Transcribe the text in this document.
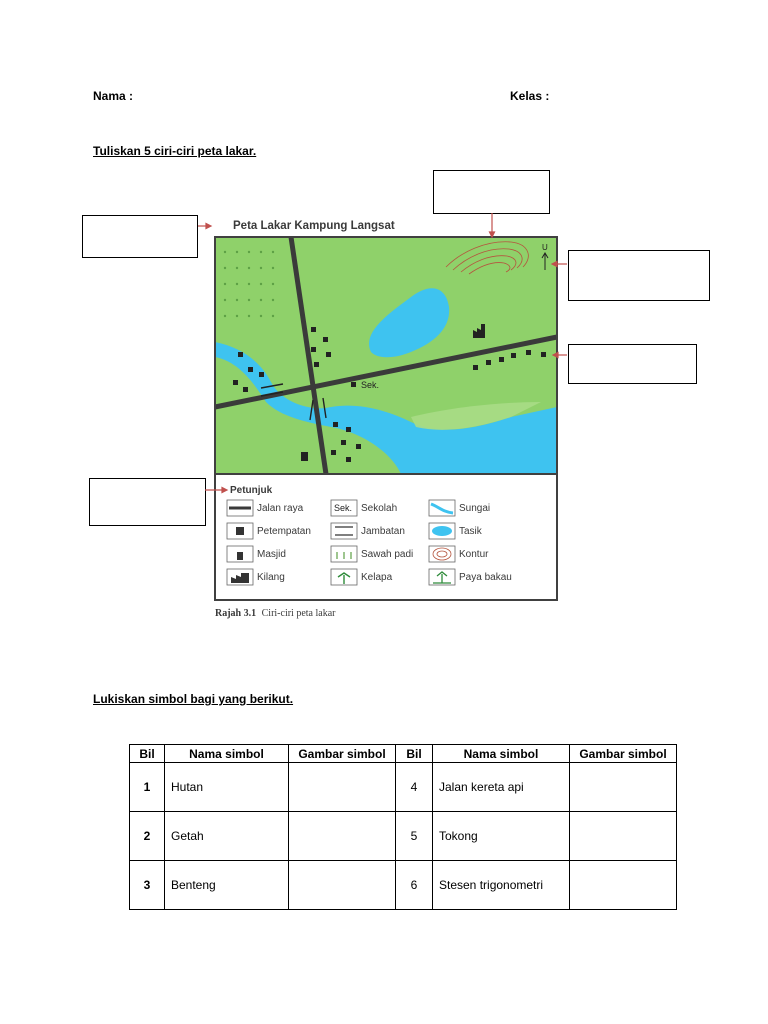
Nama :	Kelas :
Tuliskan 5 ciri-ciri peta lakar.
Peta Lakar Kampung Langsat
Sek.
U
Petunjuk
Jalan raya	Sek. Sekolah	Sungai
Petempatan	Jambatan	Tasik
Masjid	Sawah padi	Kontur
Kilang	Kelapa	Paya bakau
Rajah 3.1 Ciri-ciri peta lakar
Lukiskan simbol bagi yang berikut.
Bil	Nama simbol	Gambar simbol	Bil	Nama simbol	Gambar simbol
1	Hutan		4	Jalan kereta api	
2	Getah		5	Tokong	
3	Benteng		6	Stesen trigonometri	
